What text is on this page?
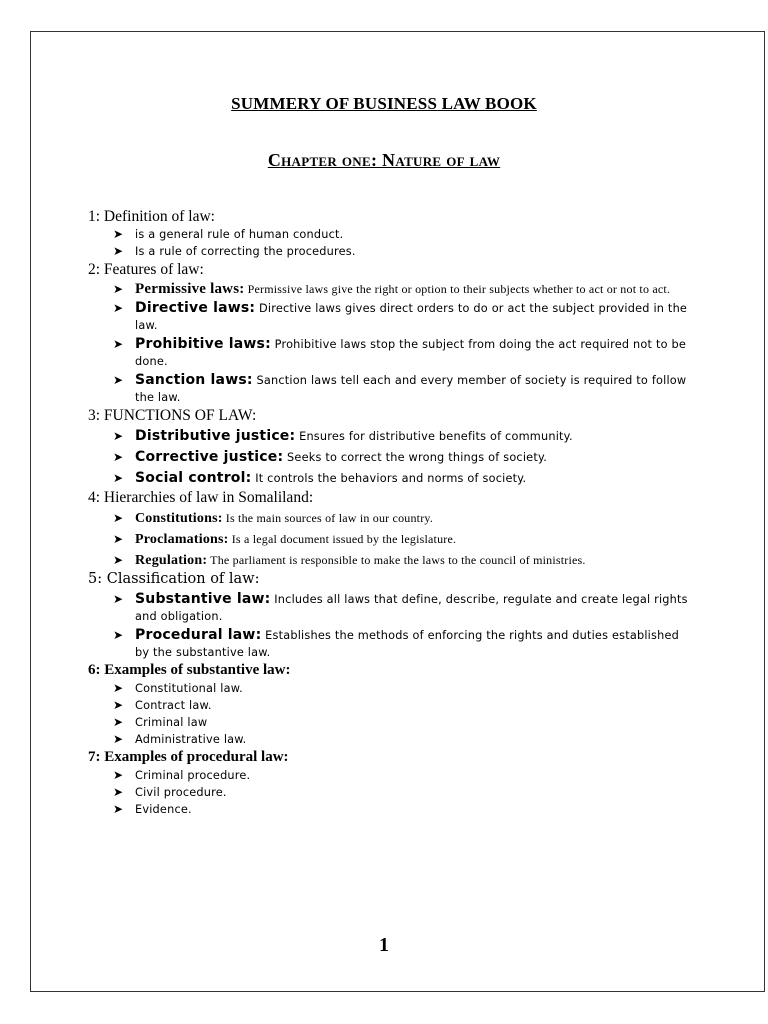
SUMMERY OF BUSINESS LAW BOOK
Chapter one: Nature of law

1: Definition of law:

➤ is a general rule of human conduct.
➤ Is a rule of correcting the procedures.

2: Features of law:

➤ Permissive laws: Permissive laws give the right or option to their subjects whether to act or not to act.
➤ Directive laws: Directive laws gives direct orders to do or act the subject provided in the law.
➤ Prohibitive laws: Prohibitive laws stop the subject from doing the act required not to be done.
➤ Sanction laws: Sanction laws tell each and every member of society is required to follow the law.

3: FUNCTIONS OF LAW:

➤ Distributive justice: Ensures for distributive benefits of community.
➤ Corrective justice: Seeks to correct the wrong things of society.
➤ Social control: It controls the behaviors and norms of society.

4: Hierarchies of law in Somaliland:

➤ Constitutions: Is the main sources of law in our country.
➤ Proclamations: Is a legal document issued by the legislature.
➤ Regulation: The parliament is responsible to make the laws to the council of ministries.

5: Classification of law:

➤ Substantive law: Includes all laws that define, describe, regulate and create legal rights and obligation.
➤ Procedural law: Establishes the methods of enforcing the rights and duties established by the substantive law.

6: Examples of substantive law:

➤ Constitutional law.
➤ Contract law.
➤ Criminal law
➤ Administrative law.

7: Examples of procedural law:

➤ Criminal procedure.
➤ Civil procedure.
➤ Evidence.
1
